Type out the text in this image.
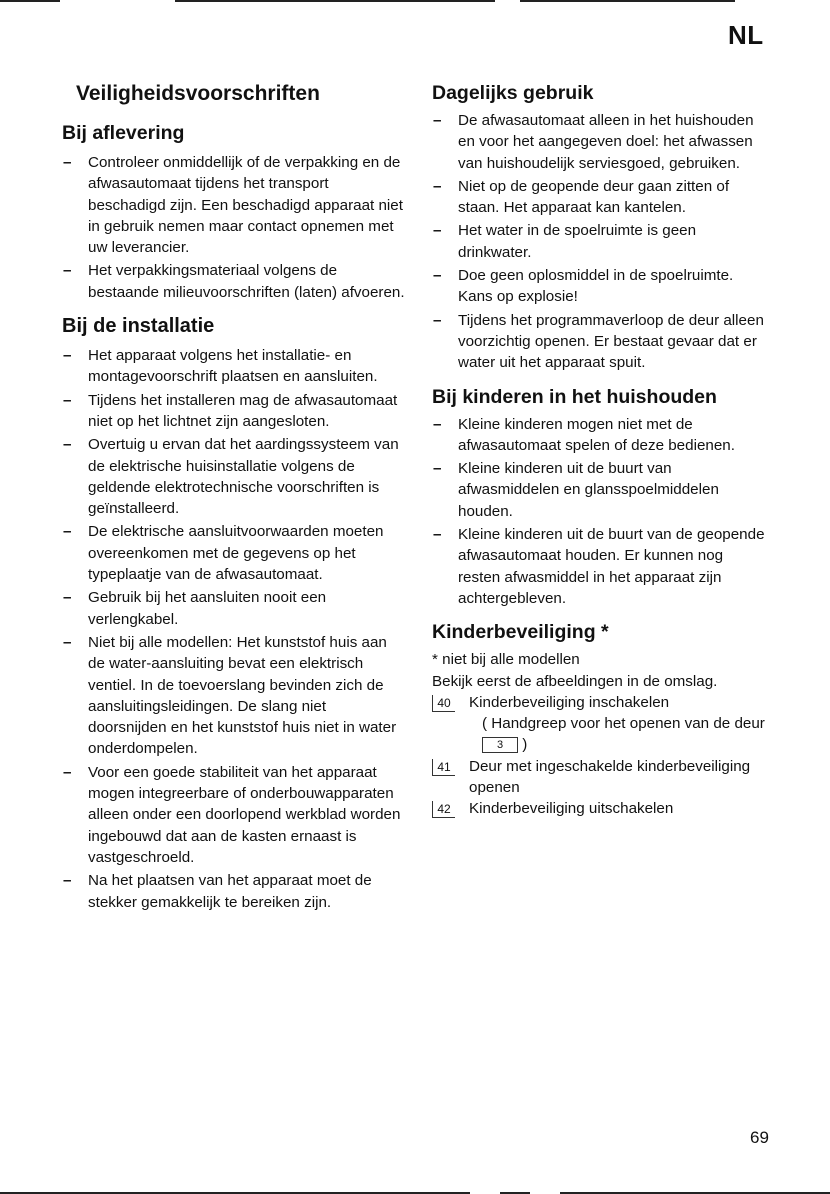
NL
Veiligheidsvoorschriften
Bij aflevering
– Controleer onmiddellijk of de verpakking en de afwasautomaat tijdens het transport beschadigd zijn. Een beschadigd apparaat niet in gebruik nemen maar contact opnemen met uw leverancier.
– Het verpakkingsmateriaal volgens de bestaande milieuvoorschriften (laten) afvoeren.
Bij de installatie
– Het apparaat volgens het installatie- en montagevoorschrift plaatsen en aansluiten.
– Tijdens het installeren mag de afwasautomaat niet op het lichtnet zijn aangesloten.
– Overtuig u ervan dat het aardingssysteem van de elektrische huisinstallatie volgens de geldende elektrotechnische voorschriften is geïnstalleerd.
– De elektrische aansluitvoorwaarden moeten overeenkomen met de gegevens op het typeplaatje van de afwasautomaat.
– Gebruik bij het aansluiten nooit een verlengkabel.
– Niet bij alle modellen: Het kunststof huis aan de water-aansluiting bevat een elektrisch ventiel. In de toevoerslang bevinden zich de aansluitingsleidingen. De slang niet doorsnijden en het kunststof huis niet in water onderdompelen.
– Voor een goede stabiliteit van het apparaat mogen integreerbare of onderbouwapparaten alleen onder een doorlopend werkblad worden ingebouwd dat aan de kasten ernaast is vastgeschroeld.
– Na het plaatsen van het apparaat moet de stekker gemakkelijk te bereiken zijn.
Dagelijks gebruik
– De afwasautomaat alleen in het huishouden en voor het aangegeven doel: het afwassen van huishoudelijk serviesgoed, gebruiken.
– Niet op de geopende deur gaan zitten of staan. Het apparaat kan kantelen.
– Het water in de spoelruimte is geen drinkwater.
– Doe geen oplosmiddel in de spoelruimte. Kans op explosie!
– Tijdens het programmaverloop de deur alleen voorzichtig openen. Er bestaat gevaar dat er water uit het apparaat spuit.
Bij kinderen in het huishouden
– Kleine kinderen mogen niet met de afwasautomaat spelen of deze bedienen.
– Kleine kinderen uit de buurt van afwasmiddelen en glansspoelmiddelen houden.
– Kleine kinderen uit de buurt van de geopende afwasautomaat houden. Er kunnen nog resten afwasmiddel in het apparaat zijn achtergebleven.
Kinderbeveiliging *

* niet bij alle modellen

Bekijk eerst de afbeeldingen in de omslag.

40 Kinderbeveiliging inschakelen
( Handgreep voor het openen van de deur 3 )
41 Deur met ingeschakelde kinderbeveiliging openen
42 Kinderbeveiliging uitschakelen
69
